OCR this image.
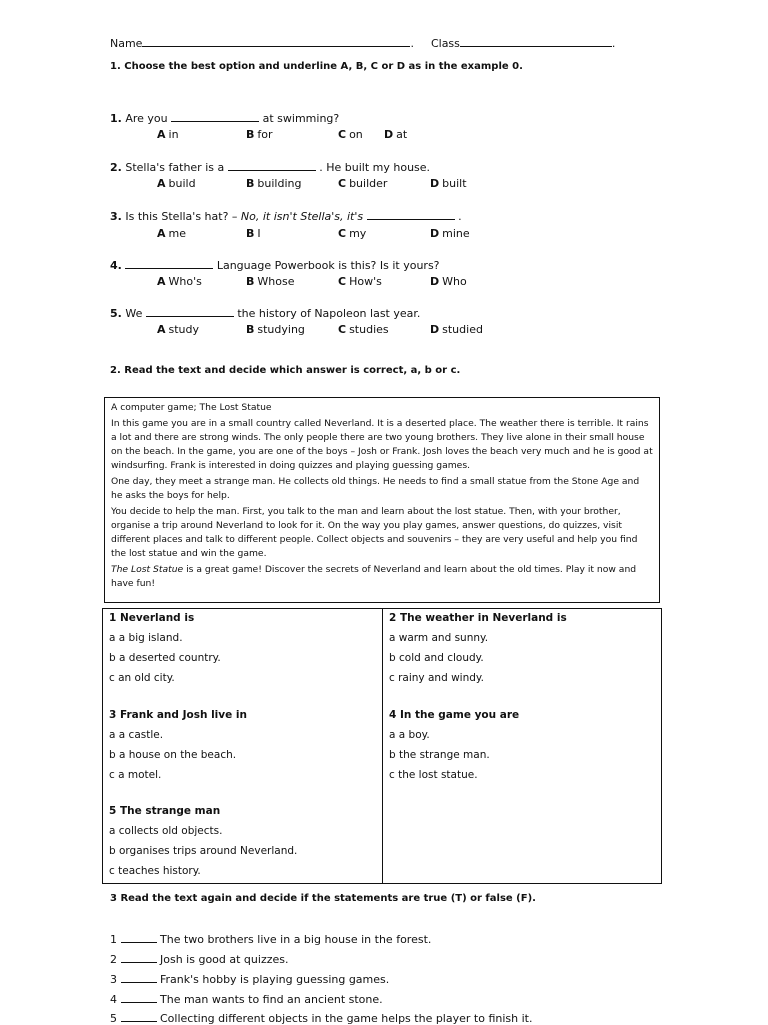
Name	. Class	.
1. Choose the best option and underline A, B, C or D as in the example 0.
1. Are you	at swimming?
A in	B for	C on D at
2. Stella's father is a	. He built my house.
A build	B building	C builder	D built
3. Is this Stella's hat? – No, it isn't Stella's, it's	.
A me	B I	C my	D mine
4.	Language Powerbook is this? Is it yours?
A Who's	B Whose	C How's	D Who
5. We	the history of Napoleon last year.
A study	B studying	C studies	D studied
2. Read the text and decide which answer is correct, a, b or c.

A computer game; The Lost Statue

In this game you are in a small country called Neverland. It is a deserted place. The weather there is terrible. It rains a lot and there are strong winds. The only people there are two young brothers. They live alone in their small house on the beach. In the game, you are one of the boys – Josh or Frank. Josh loves the beach very much and he is good at windsurfing. Frank is interested in doing quizzes and playing guessing games.

One day, they meet a strange man. He collects old things. He needs to find a small statue from the Stone Age and he asks the boys for help.

You decide to help the man. First, you talk to the man and learn about the lost statue. Then, with your brother, organise a trip around Neverland to look for it. On the way you play games, answer questions, do quizzes, visit different places and talk to different people. Collect objects and souvenirs – they are very useful and help you find the lost statue and win the game.

The Lost Statue is a great game! Discover the secrets of Neverland and learn about the old times. Play it now and have fun!

1 Neverland is
a a big island.
b a deserted country.
c an old city.
2 The weather in Neverland is
a warm and sunny.
b cold and cloudy.
c rainy and windy.
3 Frank and Josh live in
a a castle.
b a house on the beach.
c a motel.
4 In the game you are
a a boy.
b the strange man.
c the lost statue.
5 The strange man
a collects old objects.
b organises trips around Neverland.
c teaches history.
3 Read the text again and decide if the statements are true (T) or false (F).
1	The two brothers live in a big house in the forest.
2	Josh is good at quizzes.
3	Frank's hobby is playing guessing games.
4	The man wants to find an ancient stone.
5	Collecting different objects in the game helps the player to finish it.
